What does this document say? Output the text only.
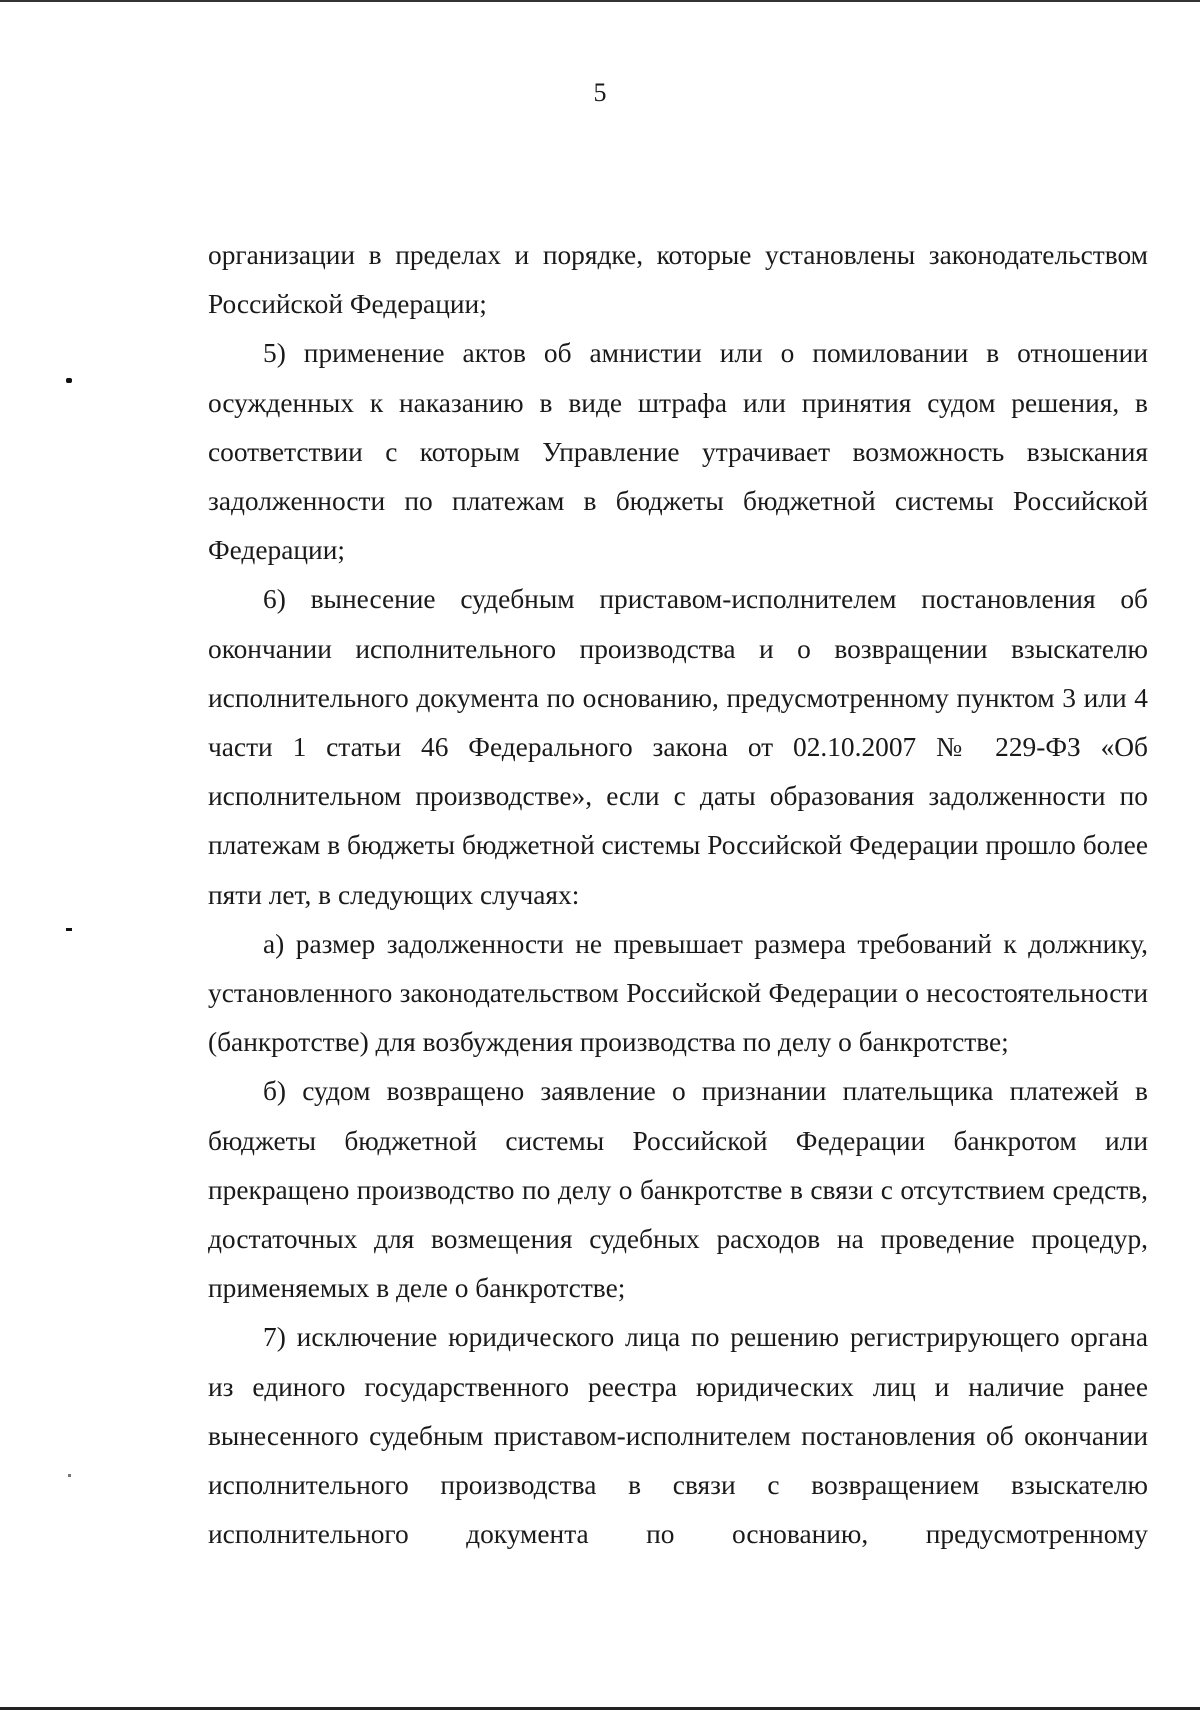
5

организации в пределах и порядке, которые установлены законодательством Российской Федерации;

5) применение актов об амнистии или о помиловании в отношении осужденных к наказанию в виде штрафа или принятия судом решения, в соответствии с которым Управление утрачивает возможность взыскания задолженности по платежам в бюджеты бюджетной системы Российской Федерации;

6) вынесение судебным приставом-исполнителем постановления об окончании исполнительного производства и о возвращении взыскателю исполнительного документа по основанию, предусмотренному пунктом 3 или 4 части 1 статьи 46 Федерального закона от 02.10.2007 № 229-ФЗ «Об исполнительном производстве», если с даты образования задолженности по платежам в бюджеты бюджетной системы Российской Федерации прошло более пяти лет, в следующих случаях:

а) размер задолженности не превышает размера требований к должнику, установленного законодательством Российской Федерации о несостоятельности (банкротстве) для возбуждения производства по делу о банкротстве;

б) судом возвращено заявление о признании плательщика платежей в бюджеты бюджетной системы Российской Федерации банкротом или прекращено производство по делу о банкротстве в связи с отсутствием средств, достаточных для возмещения судебных расходов на проведение процедур, применяемых в деле о банкротстве;

7) исключение юридического лица по решению регистрирующего органа из единого государственного реестра юридических лиц и наличие ранее вынесенного судебным приставом-исполнителем постановления об окончании исполнительного производства в связи с возвращением взыскателю исполнительного документа по основанию, предусмотренному
